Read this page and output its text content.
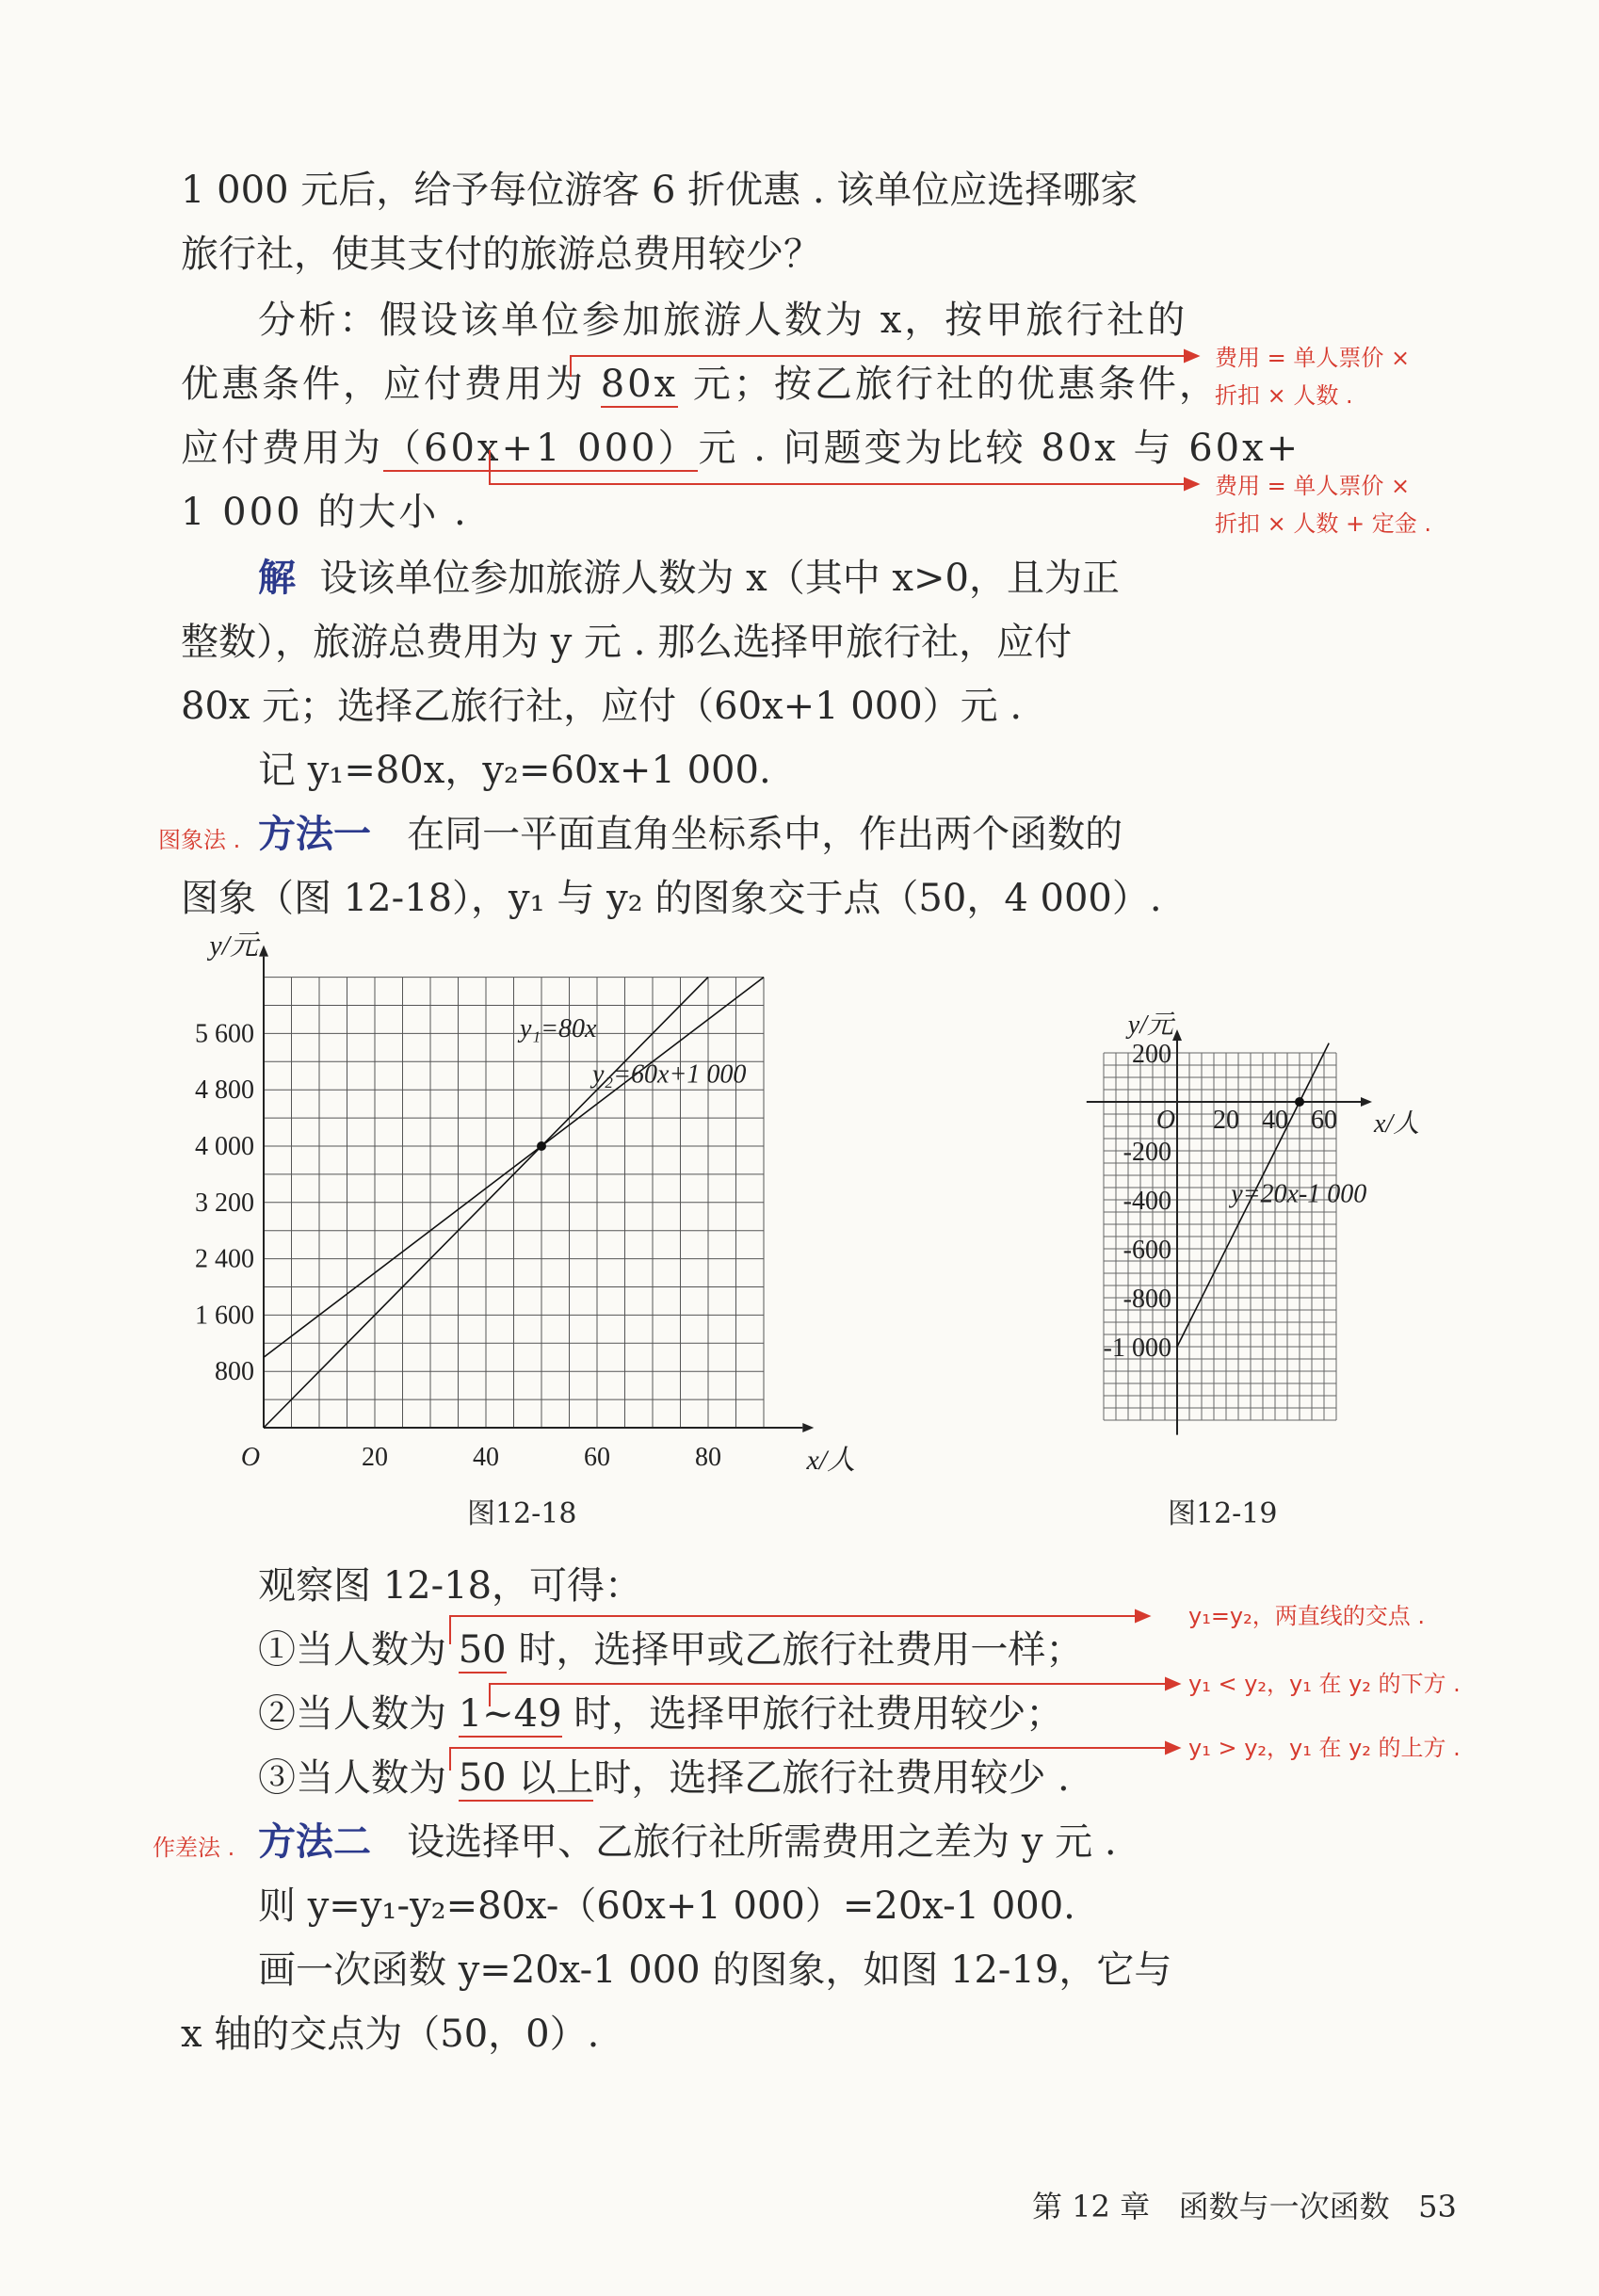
1 000 元后，给予每位游客 6 折优惠 . 该单位应选择哪家
旅行社，使其支付的旅游总费用较少？
分析：假设该单位参加旅游人数为 x，按甲旅行社的
优惠条件，应付费用为 80x 元；按乙旅行社的优惠条件，
应付费用为（60x+1 000）元 . 问题变为比较 80x 与 60x+
1 000 的大小 .
解 设该单位参加旅游人数为 x（其中 x>0，且为正
整数），旅游总费用为 y 元 . 那么选择甲旅行社，应付
80x 元；选择乙旅行社，应付（60x+1 000）元 .
记 y₁=80x，y₂=60x+1 000.
图象法 . 方法一 在同一平面直角坐标系中，作出两个函数的
图象（图 12-18），y₁ 与 y₂ 的图象交于点（50，4 000）.
费用 = 单人票价 ×
折扣 × 人数 .
费用 = 单人票价 ×
折扣 × 人数 + 定金 .
5 600
4 800
4 000
3 200
2 400
1 600
800
20	40	60	80
O
y/元
x/人
y₁=80x
y₂=60x+1 000
图12-18
200
-200
-400
-600
-800
-1 000
20 40 60
O
y/元
x/人
y=20x-1 000
图12-19
观察图 12-18，可得：
①当人数为 50 时，选择甲或乙旅行社费用一样；
②当人数为 1~49 时，选择甲旅行社费用较少；
③当人数为 50 以上时，选择乙旅行社费用较少 .
y₁=y₂，两直线的交点 .
y₁ < y₂，y₁ 在 y₂ 的下方 .
y₁ > y₂，y₁ 在 y₂ 的上方 .
作差法 . 方法二 设选择甲、乙旅行社所需费用之差为 y 元 .
则 y=y₁-y₂=80x-（60x+1 000）=20x-1 000.
画一次函数 y=20x-1 000 的图象，如图 12-19，它与
x 轴的交点为（50，0）.
第 12 章 函数与一次函数 53
